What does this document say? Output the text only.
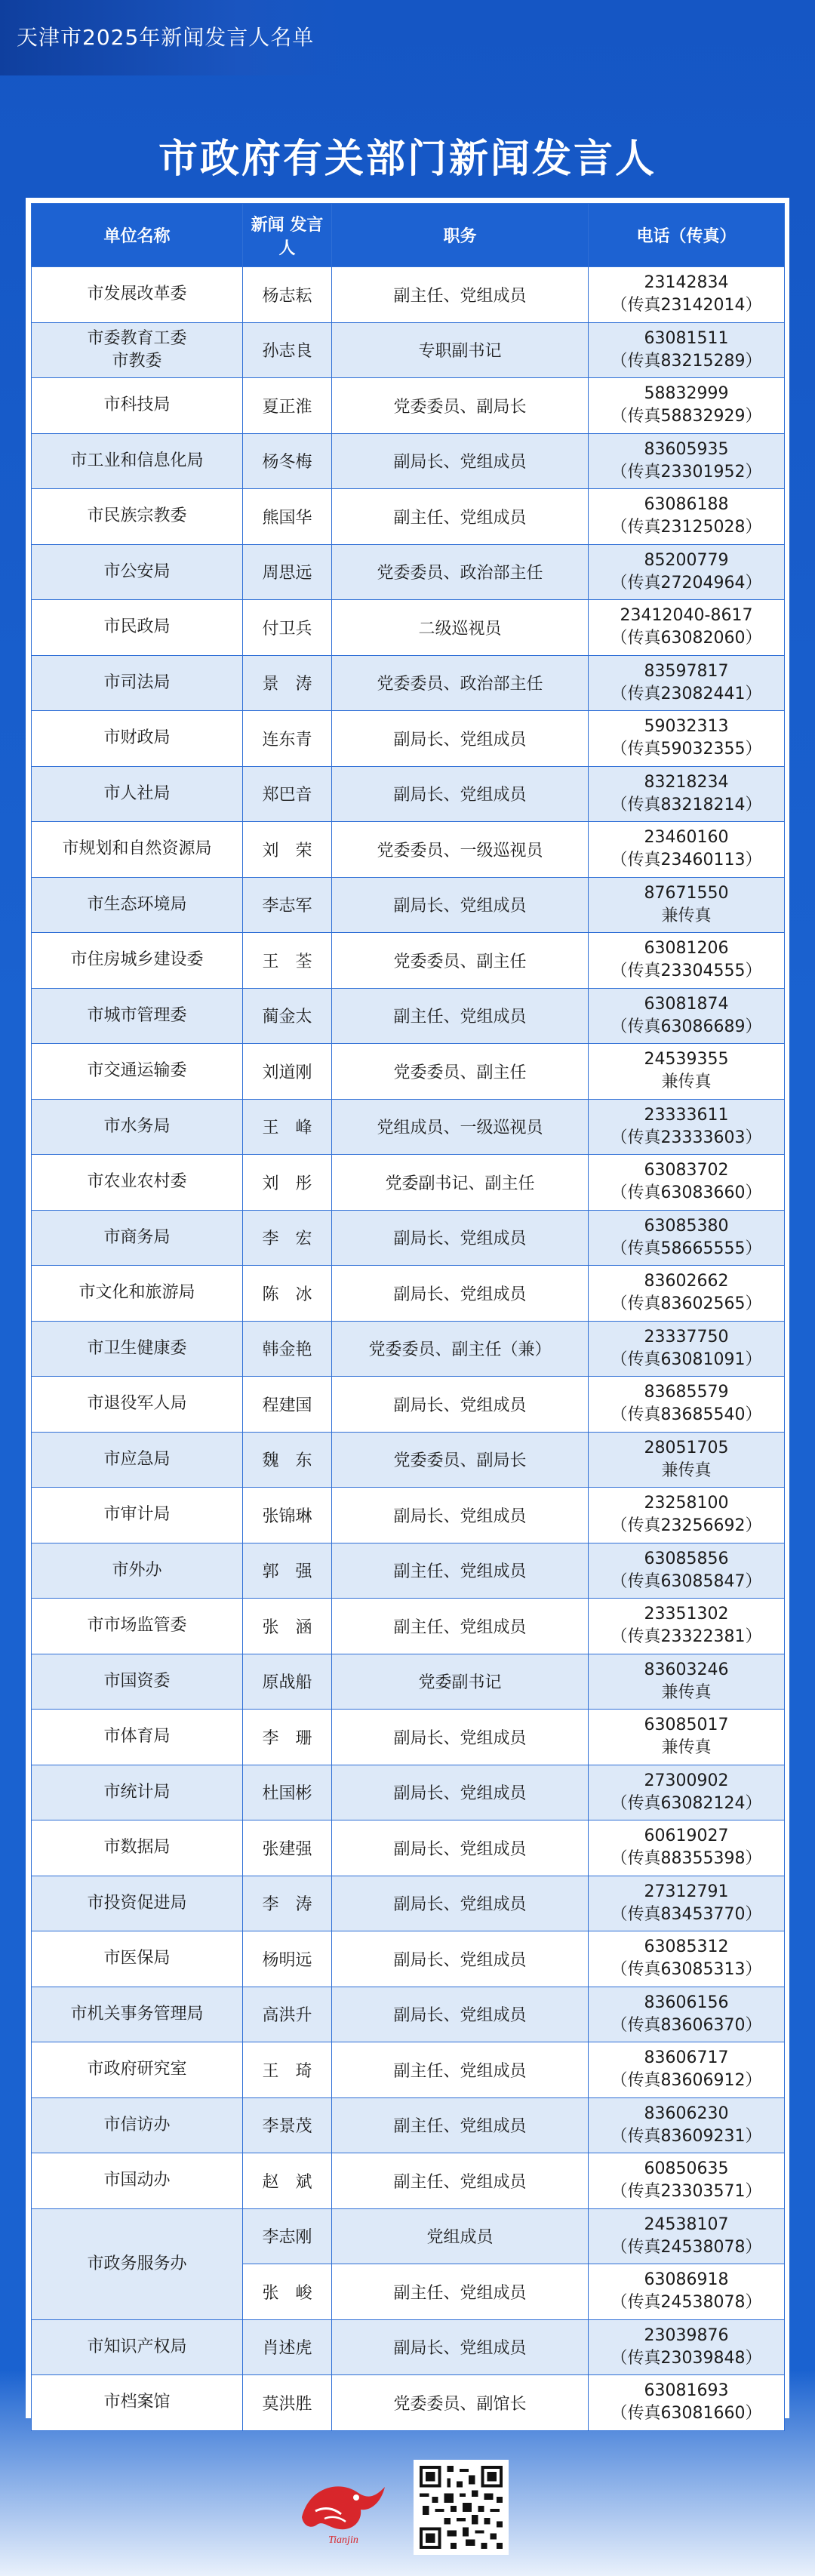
天津市2025年新闻发言人名单
市政府有关部门新闻发言人
单位名称	新闻 发言人	职务	电话（传真）

市发展改革委	杨志耘	副主任、党组成员	23142834
（传真23142014）

市委教育工委
市教委	孙志良	专职副书记	63081511
（传真83215289）

市科技局	夏正淮	党委委员、副局长	58832999
（传真58832929）

市工业和信息化局	杨冬梅	副局长、党组成员	83605935
（传真23301952）

市民族宗教委	熊国华	副主任、党组成员	63086188
（传真23125028）

市公安局	周思远	党委委员、政治部主任	85200779
（传真27204964）

市民政局	付卫兵	二级巡视员	23412040-8617
（传真63082060）

市司法局	景　涛	党委委员、政治部主任	83597817
（传真23082441）

市财政局	连东青	副局长、党组成员	59032313
（传真59032355）

市人社局	郑巴音	副局长、党组成员	83218234
（传真83218214）

市规划和自然资源局	刘　荣	党委委员、一级巡视员	23460160
（传真23460113）

市生态环境局	李志军	副局长、党组成员	87671550
兼传真

市住房城乡建设委	王　荃	党委委员、副主任	63081206
（传真23304555）

市城市管理委	蔺金太	副主任、党组成员	63081874
（传真63086689）

市交通运输委	刘道刚	党委委员、副主任	24539355
兼传真

市水务局	王　峰	党组成员、一级巡视员	23333611
（传真23333603）

市农业农村委	刘　彤	党委副书记、副主任	63083702
（传真63083660）

市商务局	李　宏	副局长、党组成员	63085380
（传真58665555）

市文化和旅游局	陈　冰	副局长、党组成员	83602662
（传真83602565）

市卫生健康委	韩金艳	党委委员、副主任（兼）	23337750
（传真63081091）

市退役军人局	程建国	副局长、党组成员	83685579
（传真83685540）

市应急局	魏　东	党委委员、副局长	28051705
兼传真

市审计局	张锦琳	副局长、党组成员	23258100
（传真23256692）

市外办	郭　强	副主任、党组成员	63085856
（传真63085847）

市市场监管委	张　涵	副主任、党组成员	23351302
（传真23322381）

市国资委	原战船	党委副书记	83603246
兼传真

市体育局	李　珊	副局长、党组成员	63085017
兼传真

市统计局	杜国彬	副局长、党组成员	27300902
（传真63082124）

市数据局	张建强	副局长、党组成员	60619027
（传真88355398）

市投资促进局	李　涛	副局长、党组成员	27312791
（传真83453770）

市医保局	杨明远	副局长、党组成员	63085312
（传真63085313）

市机关事务管理局	高洪升	副局长、党组成员	83606156
（传真83606370）

市政府研究室	王　琦	副主任、党组成员	83606717
（传真83606912）

市信访办	李景茂	副主任、党组成员	83606230
（传真83609231）

市国动办	赵　斌	副主任、党组成员	60850635
（传真23303571）

市政务服务办	李志刚	党组成员	24538107
（传真24538078）

	张　峻	副主任、党组成员	63086918
（传真24538078）

市知识产权局	肖述虎	副局长、党组成员	23039876
（传真23039848）

市档案馆	莫洪胜	党委委员、副馆长	63081693
（传真63081660）
Tianjin
